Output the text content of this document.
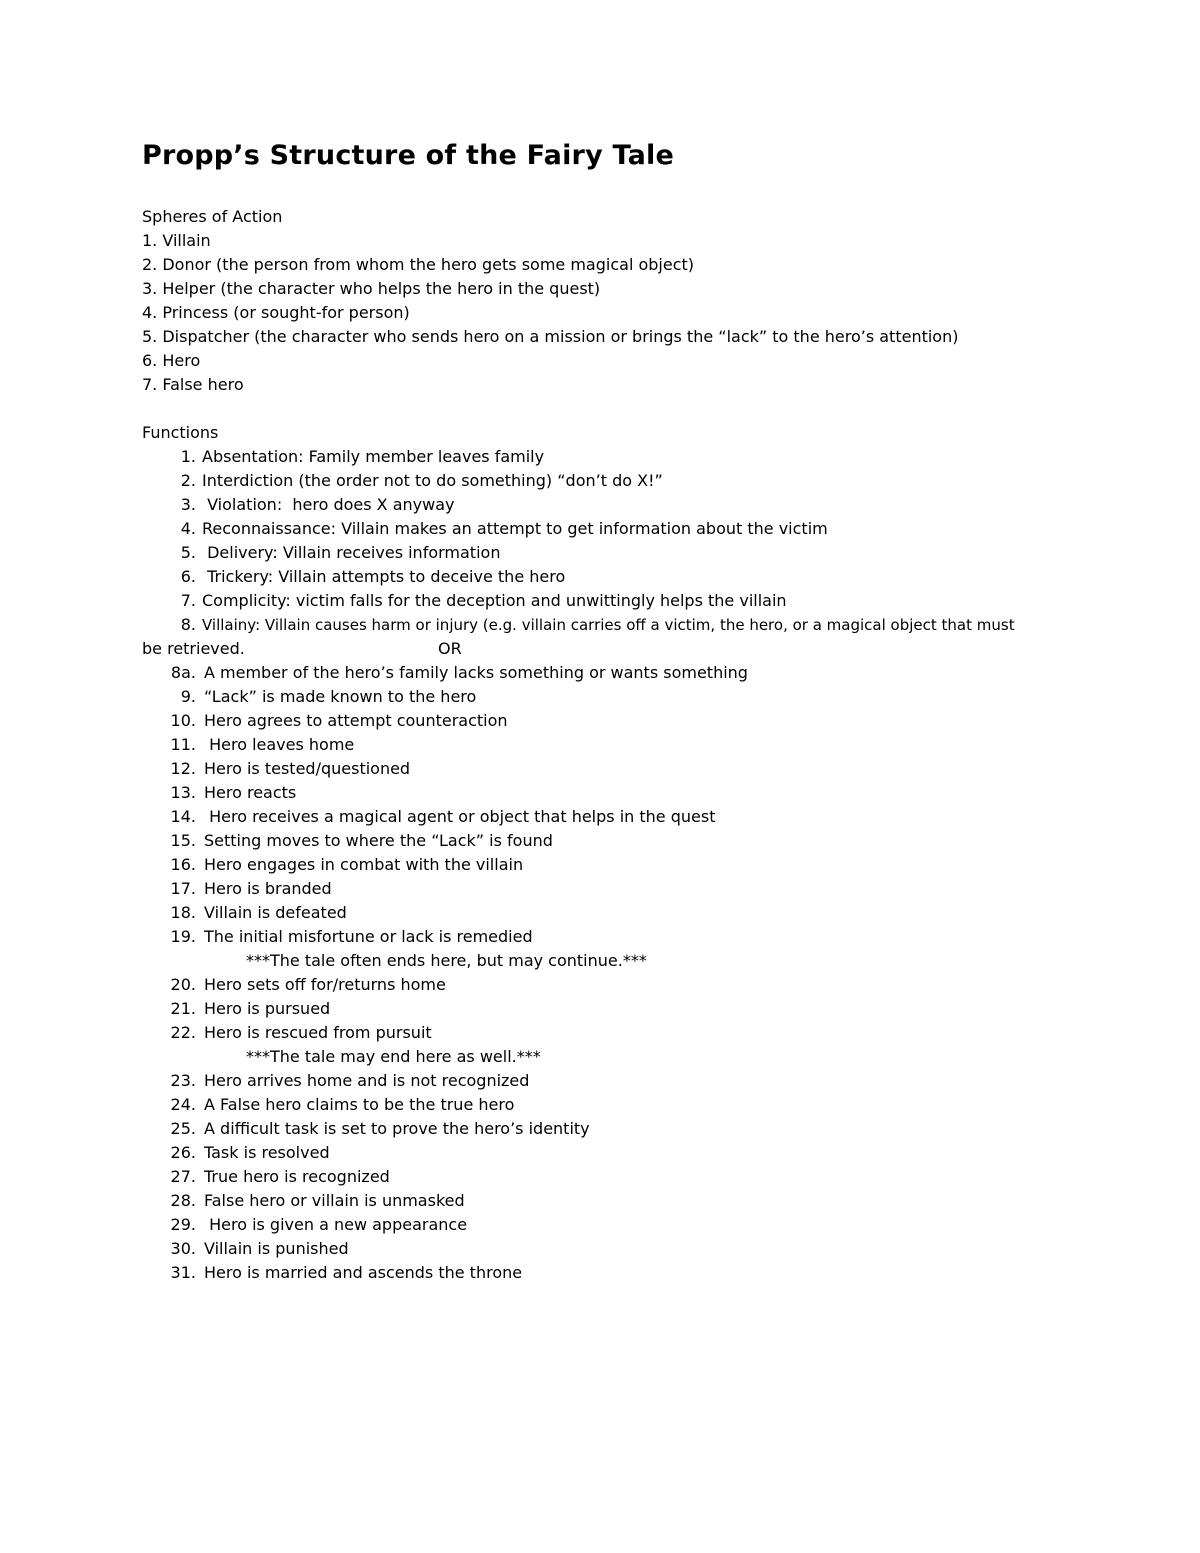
Propp’s Structure of the Fairy Tale
Spheres of Action
1. Villain
2. Donor (the person from whom the hero gets some magical object)
3. Helper (the character who helps the hero in the quest)
4. Princess (or sought-for person)
5. Dispatcher (the character who sends hero on a mission or brings the “lack” to the hero’s attention)
6. Hero
7. False hero
Functions
1. Absentation: Family member leaves family
2. Interdiction (the order not to do something) “don’t do X!”
3. Violation:  hero does X anyway
4. Reconnaissance: Villain makes an attempt to get information about the victim
5. Delivery: Villain receives information
6. Trickery: Villain attempts to deceive the hero
7. Complicity: victim falls for the deception and unwittingly helps the villain
8. Villainy: Villain causes harm or injury (e.g. villain carries off a victim, the hero, or a magical object that must
be retrieved.	OR
8a. A member of the hero’s family lacks something or wants something
9. “Lack” is made known to the hero
10. Hero agrees to attempt counteraction
11. Hero leaves home
12. Hero is tested/questioned
13. Hero reacts
14. Hero receives a magical agent or object that helps in the quest
15. Setting moves to where the “Lack” is found
16. Hero engages in combat with the villain
17. Hero is branded
18. Villain is defeated
19. The initial misfortune or lack is remedied
***The tale often ends here, but may continue.***
20. Hero sets off for/returns home
21. Hero is pursued
22. Hero is rescued from pursuit
***The tale may end here as well.***
23. Hero arrives home and is not recognized
24. A False hero claims to be the true hero
25. A difficult task is set to prove the hero’s identity
26. Task is resolved
27. True hero is recognized
28. False hero or villain is unmasked
29. Hero is given a new appearance
30. Villain is punished
31. Hero is married and ascends the throne
